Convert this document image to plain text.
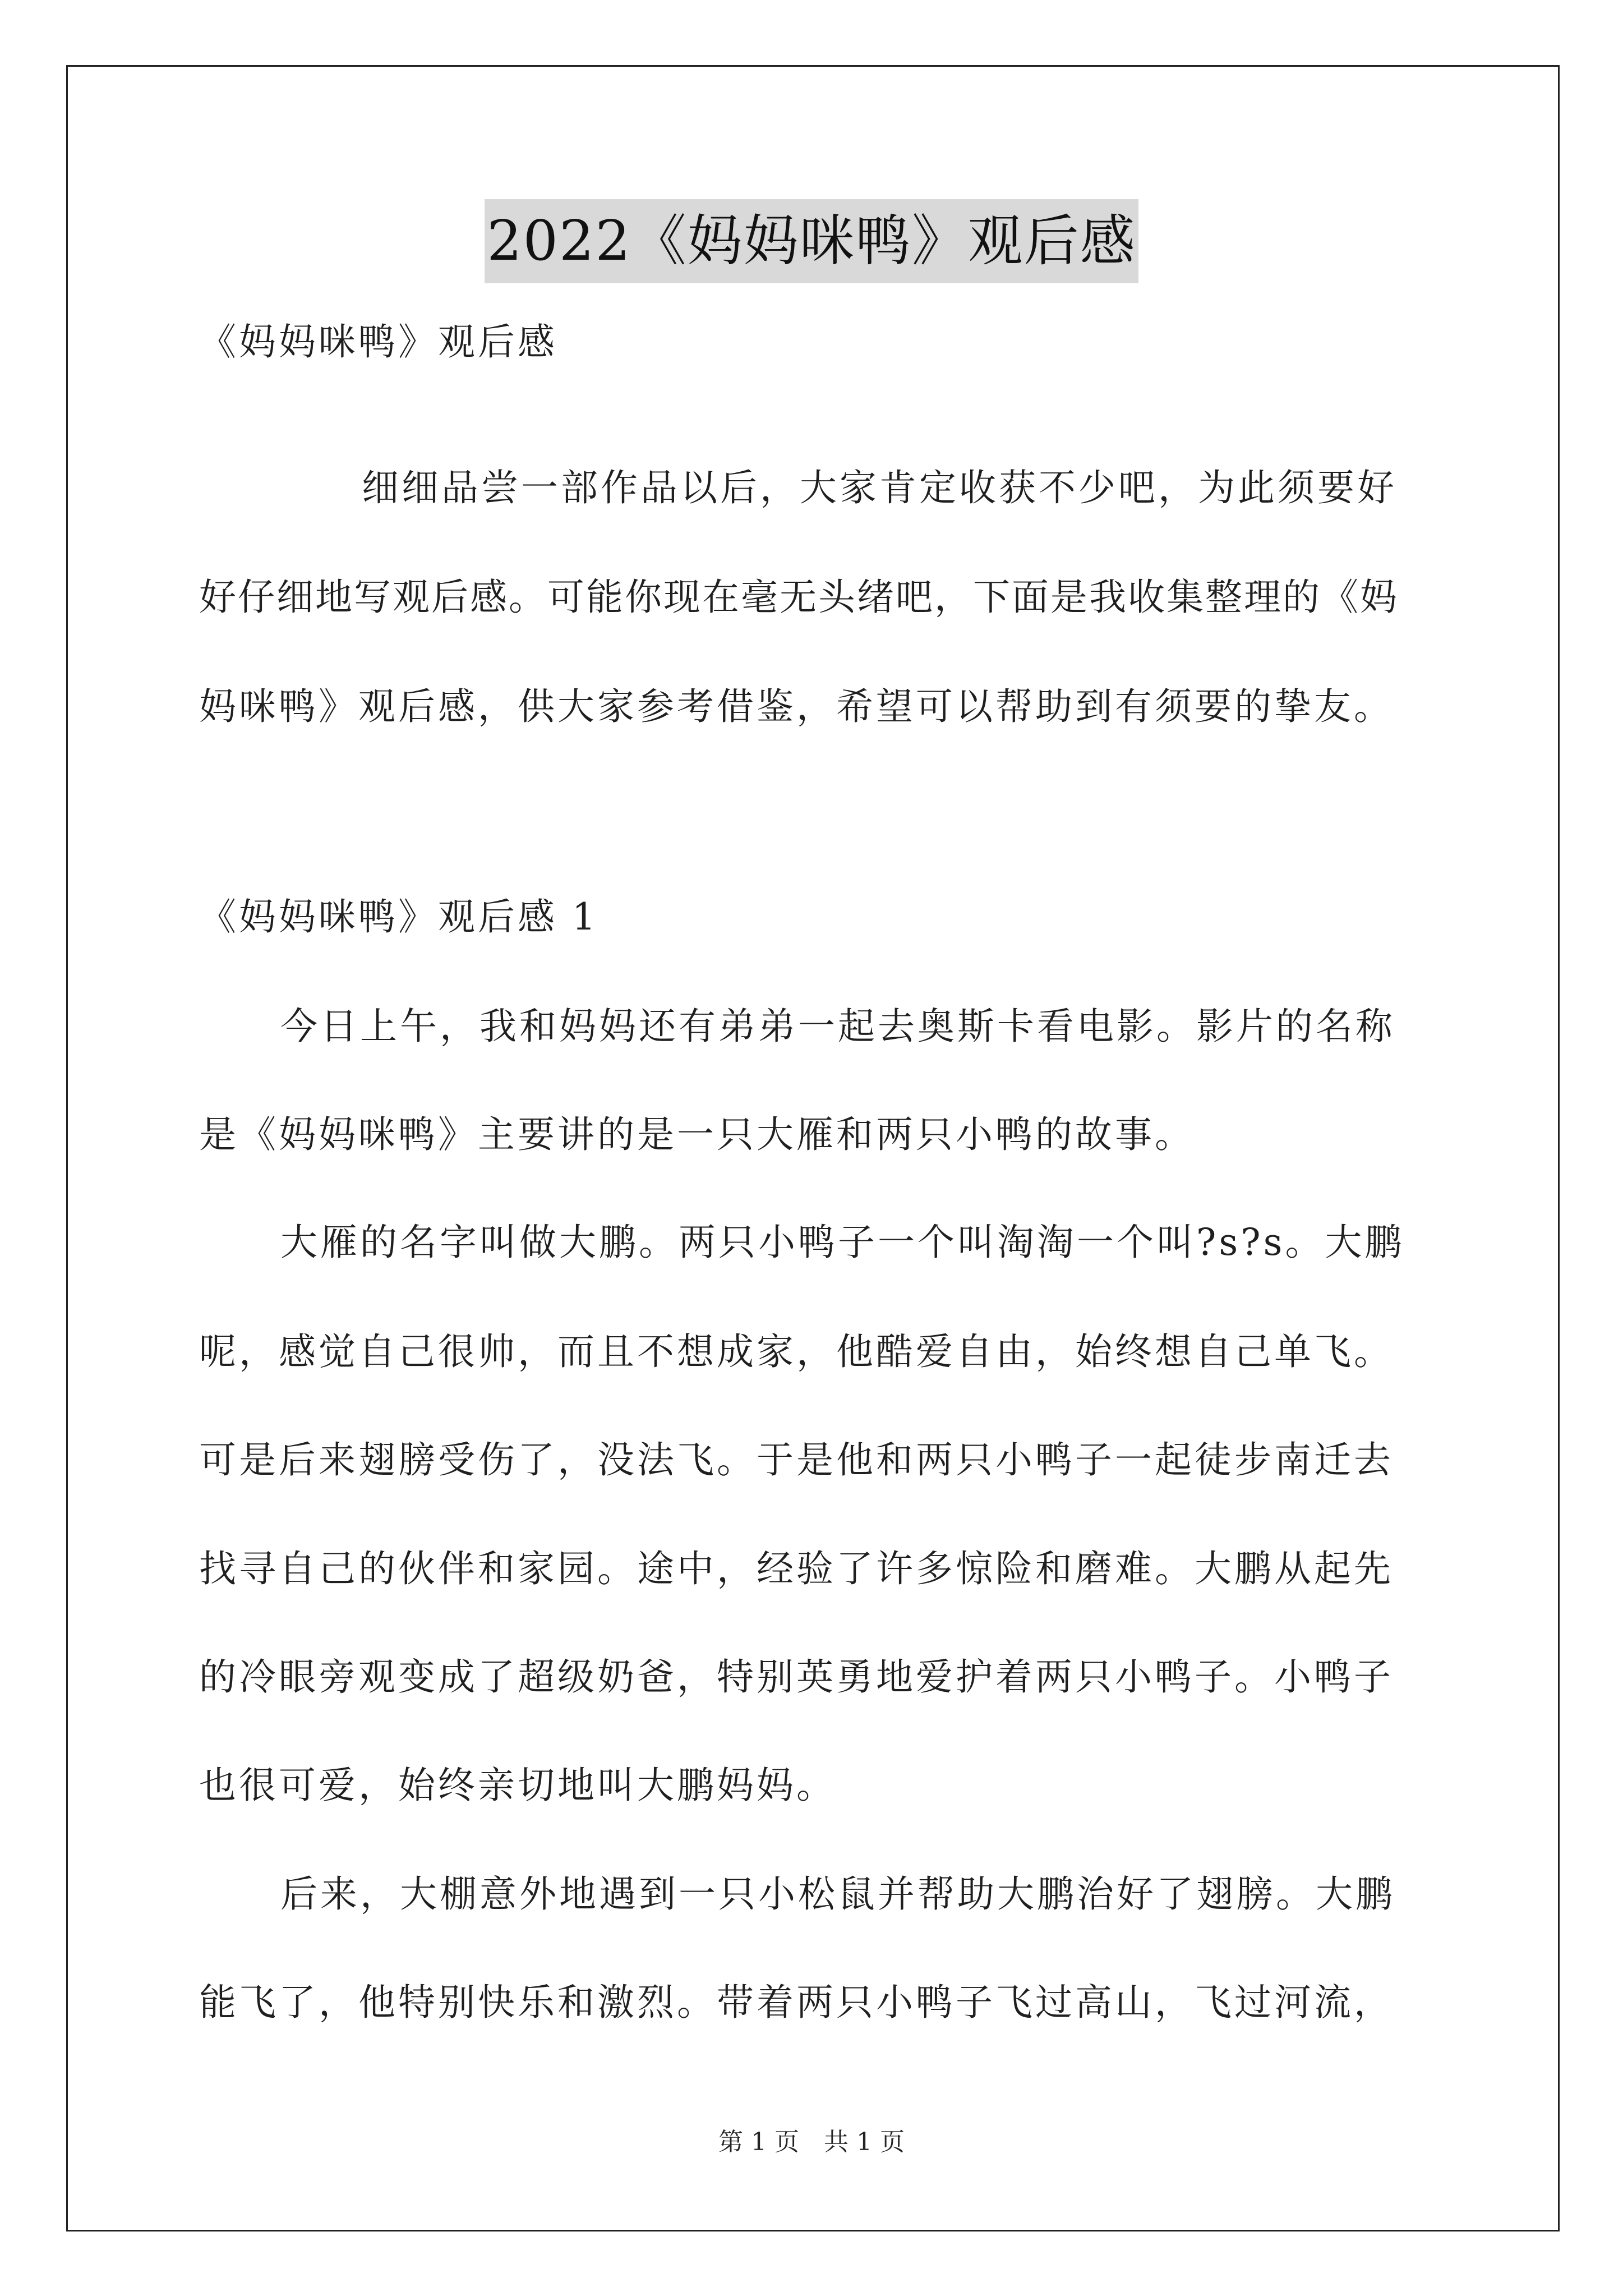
2022《妈妈咪鸭》观后感
《妈妈咪鸭》观后感
细细品尝一部作品以后，大家肯定收获不少吧，为此须要好
好仔细地写观后感。可能你现在毫无头绪吧，下面是我收集整理的《妈
妈咪鸭》观后感，供大家参考借鉴，希望可以帮助到有须要的挚友。
《妈妈咪鸭》观后感 1
今日上午，我和妈妈还有弟弟一起去奥斯卡看电影。影片的名称
是《妈妈咪鸭》主要讲的是一只大雁和两只小鸭的故事。
大雁的名字叫做大鹏。两只小鸭子一个叫淘淘一个叫?s?s。大鹏
呢，感觉自己很帅，而且不想成家，他酷爱自由，始终想自己单飞。
可是后来翅膀受伤了，没法飞。于是他和两只小鸭子一起徒步南迁去
找寻自己的伙伴和家园。途中，经验了许多惊险和磨难。大鹏从起先
的冷眼旁观变成了超级奶爸，特别英勇地爱护着两只小鸭子。小鸭子
也很可爱，始终亲切地叫大鹏妈妈。
后来，大棚意外地遇到一只小松鼠并帮助大鹏治好了翅膀。大鹏
能飞了，他特别快乐和激烈。带着两只小鸭子飞过高山，飞过河流，
第 1 页　共 1 页
